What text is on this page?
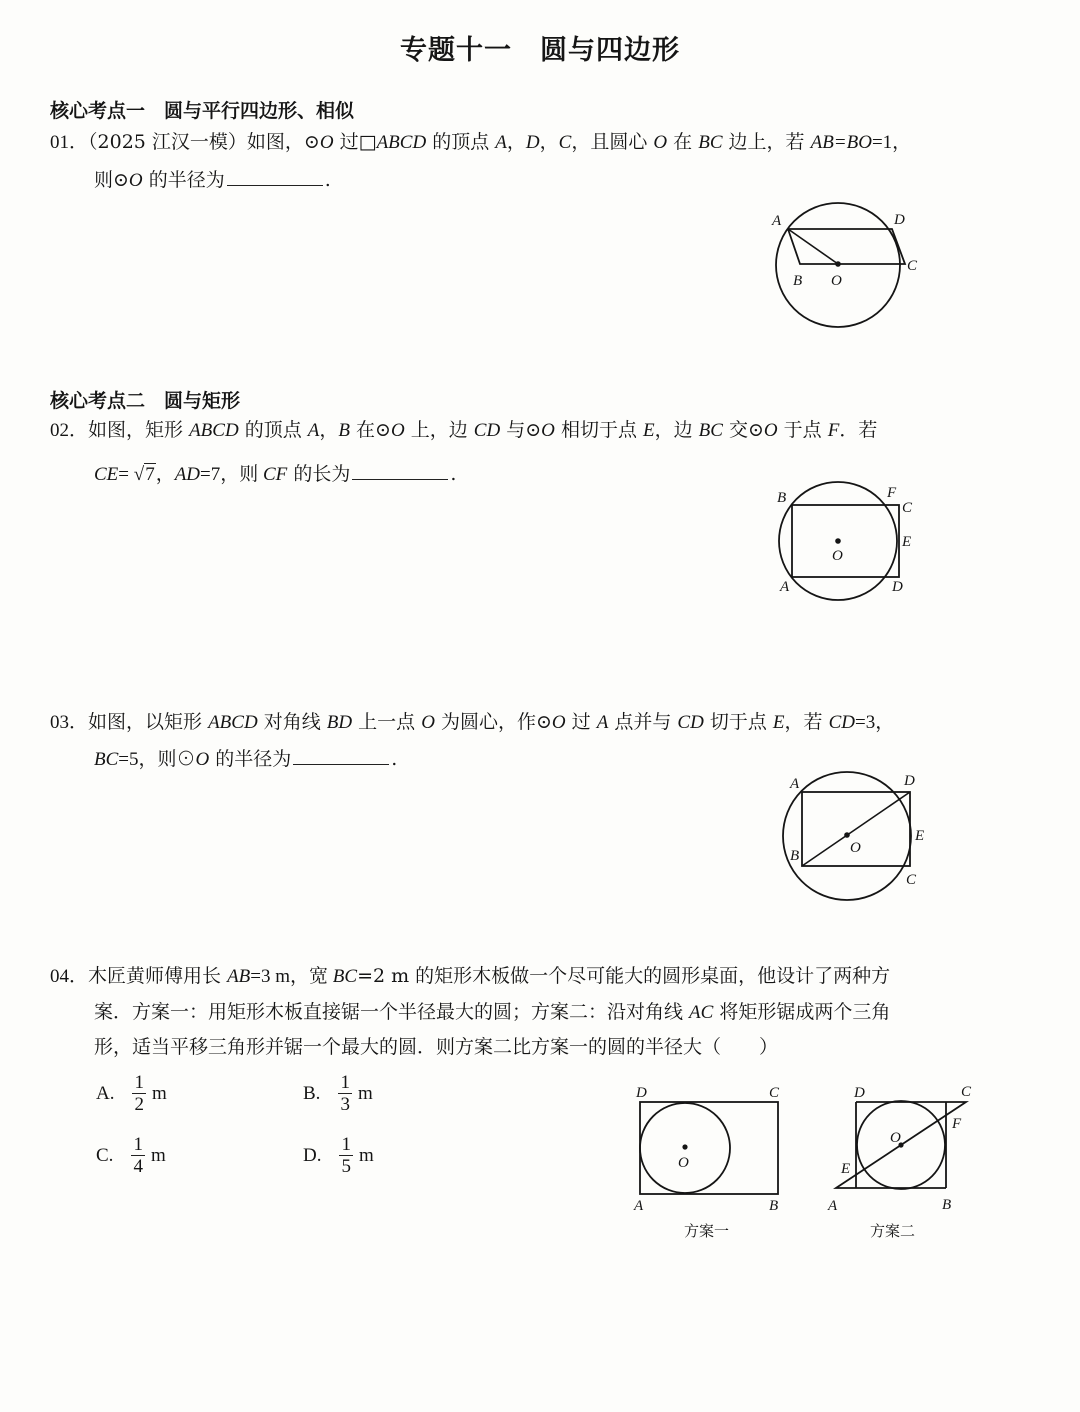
专题十一　圆与四边形
核心考点一　圆与平行四边形、相似
01．（2025 江汉一模）如图，⊙O 过□ABCD 的顶点 A，D，C，且圆心 O 在 BC 边上，若 AB=BO=1，
则⊙O 的半径为	.
A	D
B O
C
核心考点二　圆与矩形
02．如图，矩形 ABCD 的顶点 A，B 在⊙O 上，边 CD 与⊙O 相切于点 E，边 BC 交⊙O 于点 F．若
CE= √7，AD=7，则 CF 的长为	.
B	F
C
O
E
A	D
03．如图，以矩形 ABCD 对角线 BD 上一点 O 为圆心，作⊙O 过 A 点并与 CD 切于点 E，若 CD=3，
BC=5，则⊙O 的半径为	.
A	D
O
E
B
C
04．木匠黄师傅用长 AB=3 m，宽 BC=2 m 的矩形木板做一个尽可能大的圆形桌面，他设计了两种方
案．方案一：用矩形木板直接锯一个半径最大的圆；方案二：沿对角线 AC 将矩形锯成两个三角
形，适当平移三角形并锯一个最大的圆．则方案二比方案一的圆的半径大（　　）
A. $\frac{1}{2}$ m	B. $\frac{1}{3}$ m
C. $\frac{1}{4}$ m	D. $\frac{1}{5}$ m
D	C
O
A	B
方案一
D	C
O
F
E
A	B
方案二
